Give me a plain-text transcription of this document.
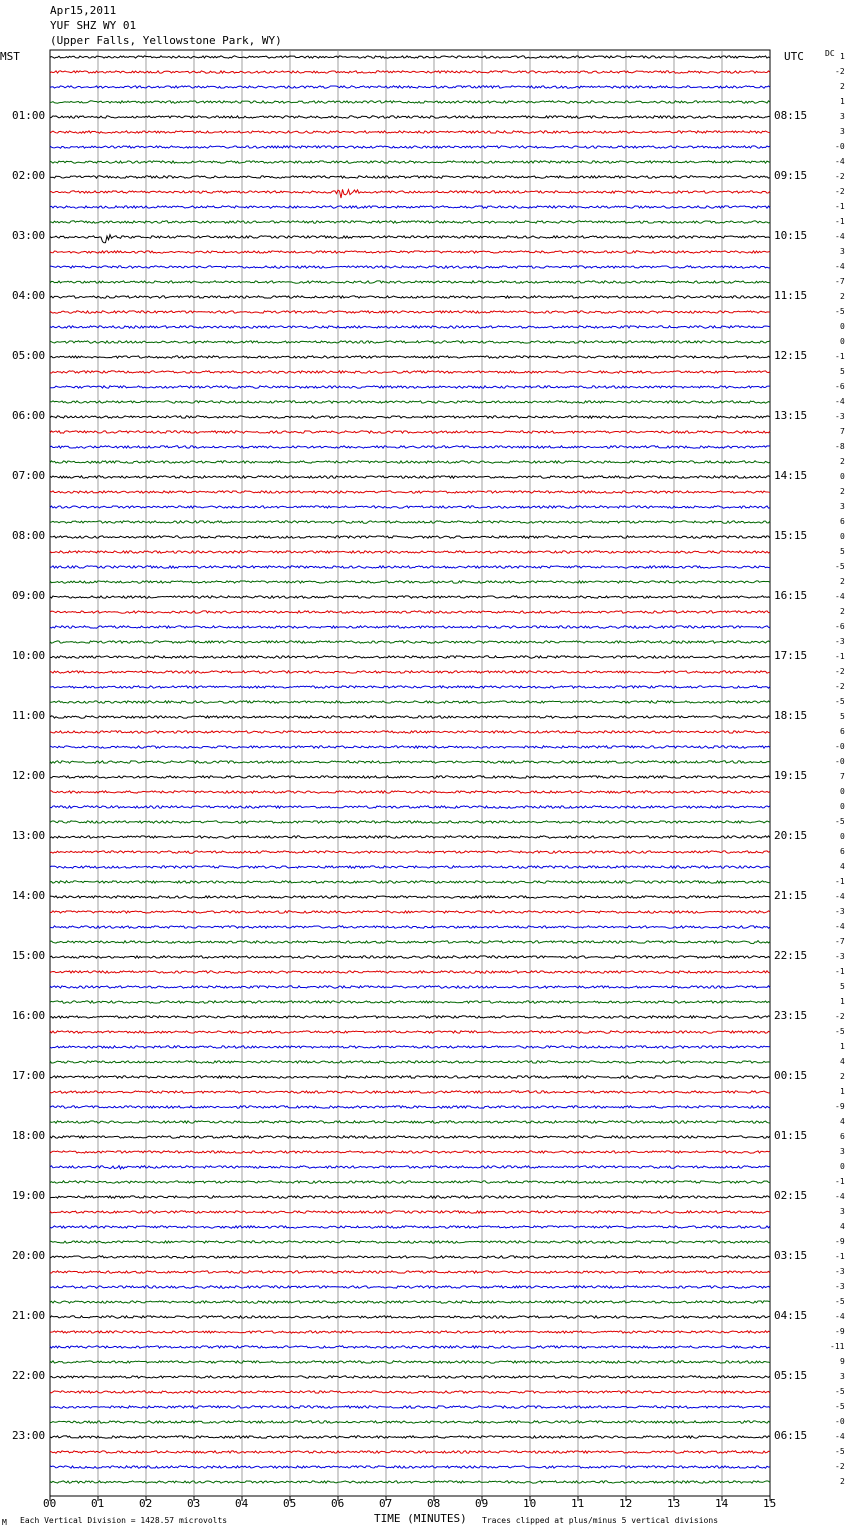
Apr15,2011
YUF SHZ WY 01
(Upper Falls, Yellowstone Park, WY)
MST	UTC	DC
00	01	02	03	04	05	06	07	08	09	10	11	12	13	14	15
01:00
02:00
03:00
04:00
05:00
06:00
07:00
08:00
09:00
10:00
11:00
12:00
13:00
14:00
15:00
16:00
17:00
18:00
19:00
20:00
21:00
22:00
23:00
08:15
09:15
10:15
11:15
12:15
13:15
14:15
15:15
16:15
17:15
18:15
19:15
20:15
21:15
22:15
23:15
00:15
01:15
02:15
03:15
04:15
05:15
06:15
1
-2
2
1
3
3
-0
-4
-2
-2
-1
-1
-4
3
-4
-7
2
-5
0
0
-1
5
-6
-4
-3
7
-8
2
0
2
3
6
0
5
-5
2
-4
2
-6
-3
-1
-2
-2
-5
5
6
-0
-0
7
0
0
-5
0
6
4
-1
-4
-3
-4
-7
-3
-1
5
1
-2
-5
1
4
2
1
-9
4
6
3
0
-1
-4
3
4
-9
-1
-3
-3
-5
-4
-9
-11
9
3
-5
-5
-0
-4
-5
-2
2
M Each Vertical Division = 1428.57 microvolts	TIME (MINUTES) Traces clipped at plus/minus 5 vertical divisions
